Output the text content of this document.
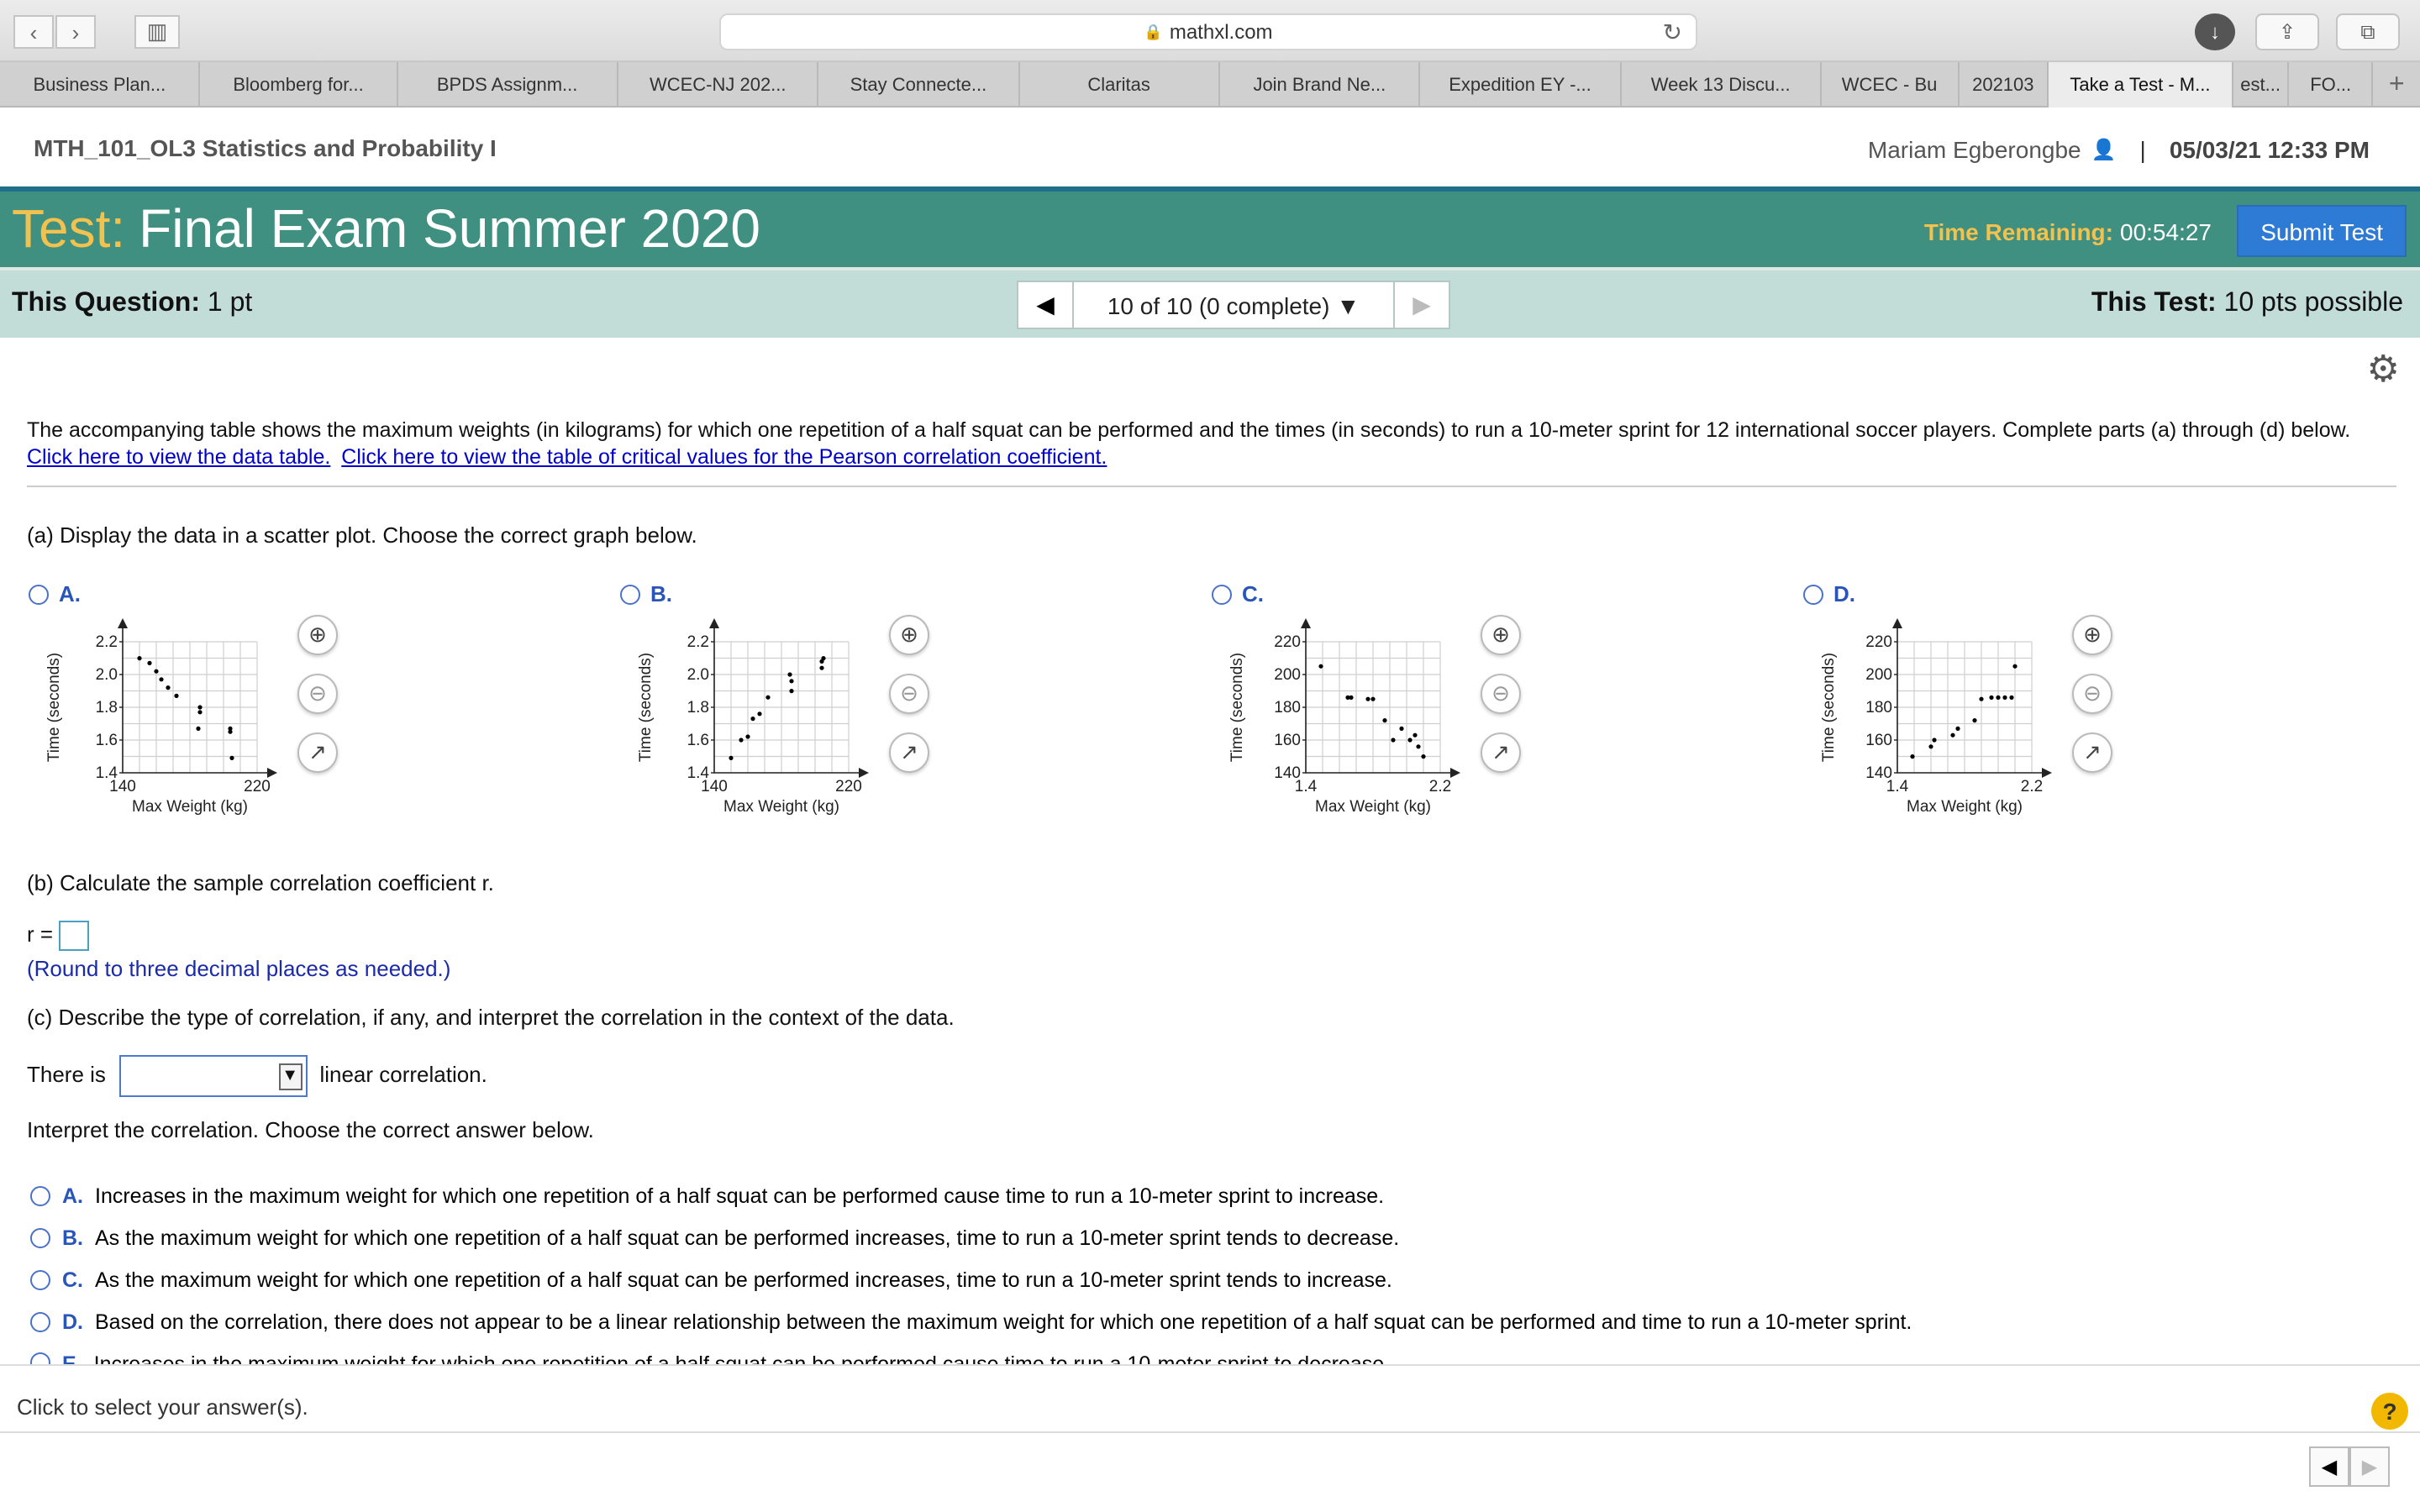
‹	›	▥	🔒 mathxl.com	↻	↓	⇪	⧉
Business Plan...	Bloomberg for...	BPDS Assignm...	WCEC-NJ 202...	Stay Connecte...	Claritas	Join Brand Ne...	Expedition EY -...	Week 13 Discu...	WCEC - Bu	202103	Take a Test - M...	est...	FO...	+
MTH_101_OL3 Statistics and Probability I	Mariam Egberongbe 👤 | 05/03/21 12:33 PM
Test: Final Exam Summer 2020	Time Remaining: 00:54:27	Submit Test
This Question: 1 pt	◀	10 of 10 (0 complete) ▼	▶	This Test: 10 pts possible
⚙
The accompanying table shows the maximum weights (in kilograms) for which one repetition of a half squat can be performed and the times (in seconds) to run a 10-meter sprint for 12 international soccer players. Complete parts (a) through (d) below.
Click here to view the data table. Click here to view the table of critical values for the Pearson correlation coefficient.
(a) Display the data in a scatter plot. Choose the correct graph below.
A.
2.2
2.0
1.8
1.6
1.4
140	220
Max Weight (kg)
Time (seconds)
⊕
⊖
↗
B.
2.2
2.0
1.8
1.6
1.4
140	220
Max Weight (kg)
Time (seconds)
⊕
⊖
↗
C.
220
200
180
160
140
1.4	2.2
Max Weight (kg)
Time (seconds)
⊕
⊖
↗
D.
220
200
180
160
140
1.4	2.2
Max Weight (kg)
Time (seconds)
⊕
⊖
↗
(b) Calculate the sample correlation coefficient r.
r =
(Round to three decimal places as needed.)
(c) Describe the type of correlation, if any, and interpret the correlation in the context of the data.
There is	▼	linear correlation.
Interpret the correlation. Choose the correct answer below.
A. Increases in the maximum weight for which one repetition of a half squat can be performed cause time to run a 10-meter sprint to increase.
B. As the maximum weight for which one repetition of a half squat can be performed increases, time to run a 10-meter sprint tends to decrease.
C. As the maximum weight for which one repetition of a half squat can be performed increases, time to run a 10-meter sprint tends to increase.
D. Based on the correlation, there does not appear to be a linear relationship between the maximum weight for which one repetition of a half squat can be performed and time to run a 10-meter sprint.
Click to select your answer(s).	?
◀	▶
